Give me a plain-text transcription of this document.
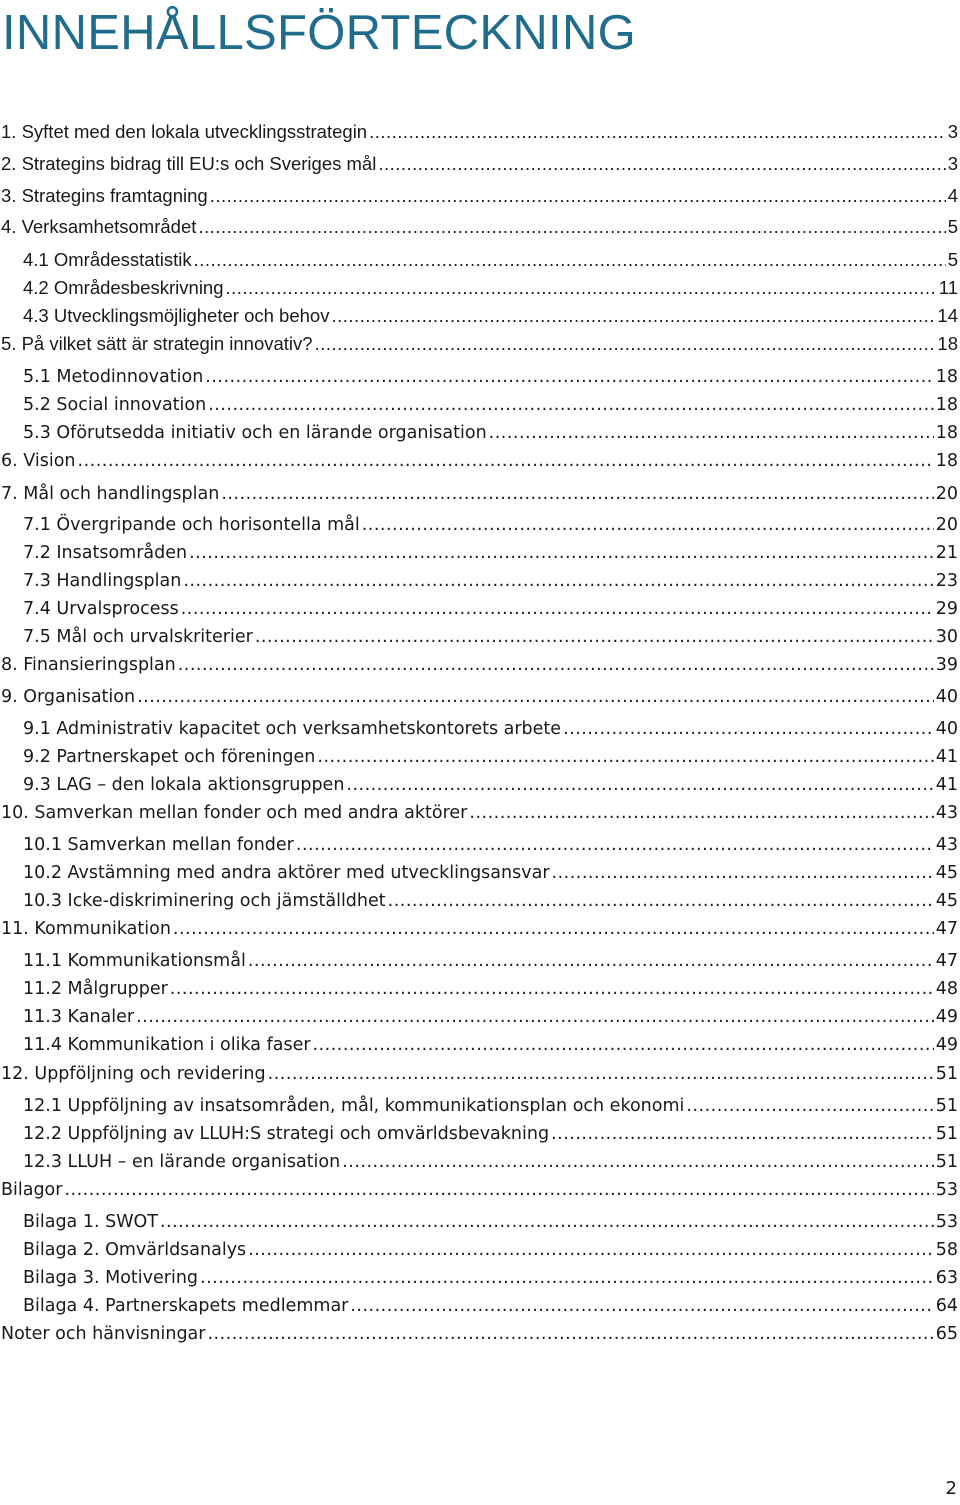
INNEHÅLLSFÖRTECKNING
1. Syftet med den lokala utvecklingsstrategin .....	3
2. Strategins bidrag till EU:s och Sveriges mål .....	3
3. Strategins framtagning .....	4
4. Verksamhetsområdet .....	5
4.1 Områdesstatistik .....	5
4.2 Områdesbeskrivning .....	11
4.3 Utvecklingsmöjligheter och behov .....	14
5. På vilket sätt är strategin innovativ? .....	18
5.1 Metodinnovation .....	18
5.2 Social innovation .....	18
5.3 Oförutsedda initiativ och en lärande organisation .....	18
6. Vision .....	18
7. Mål och handlingsplan .....	20
7.1 Övergripande och horisontella mål .....	20
7.2 Insatsområden .....	21
7.3 Handlingsplan .....	23
7.4 Urvalsprocess .....	29
7.5 Mål och urvalskriterier .....	30
8. Finansieringsplan .....	39
9. Organisation .....	40
9.1 Administrativ kapacitet och verksamhetskontorets arbete .....	40
9.2 Partnerskapet och föreningen .....	41
9.3 LAG – den lokala aktionsgruppen .....	41
10. Samverkan mellan fonder och med andra aktörer .....	43
10.1 Samverkan mellan fonder .....	43
10.2 Avstämning med andra aktörer med utvecklingsansvar .....	45
10.3 Icke-diskriminering och jämställdhet .....	45
11. Kommunikation .....	47
11.1 Kommunikationsmål .....	47
11.2 Målgrupper .....	48
11.3 Kanaler .....	49
11.4 Kommunikation i olika faser .....	49
12. Uppföljning och revidering .....	51
12.1 Uppföljning av insatsområden, mål, kommunikationsplan och ekonomi .....	51
12.2 Uppföljning av LLUH:S strategi och omvärldsbevakning .....	51
12.3 LLUH – en lärande organisation .....	51
Bilagor .....	53
Bilaga 1. SWOT .....	53
Bilaga 2. Omvärldsanalys .....	58
Bilaga 3. Motivering .....	63
Bilaga 4. Partnerskapets medlemmar .....	64
Noter och hänvisningar .....	65
2
